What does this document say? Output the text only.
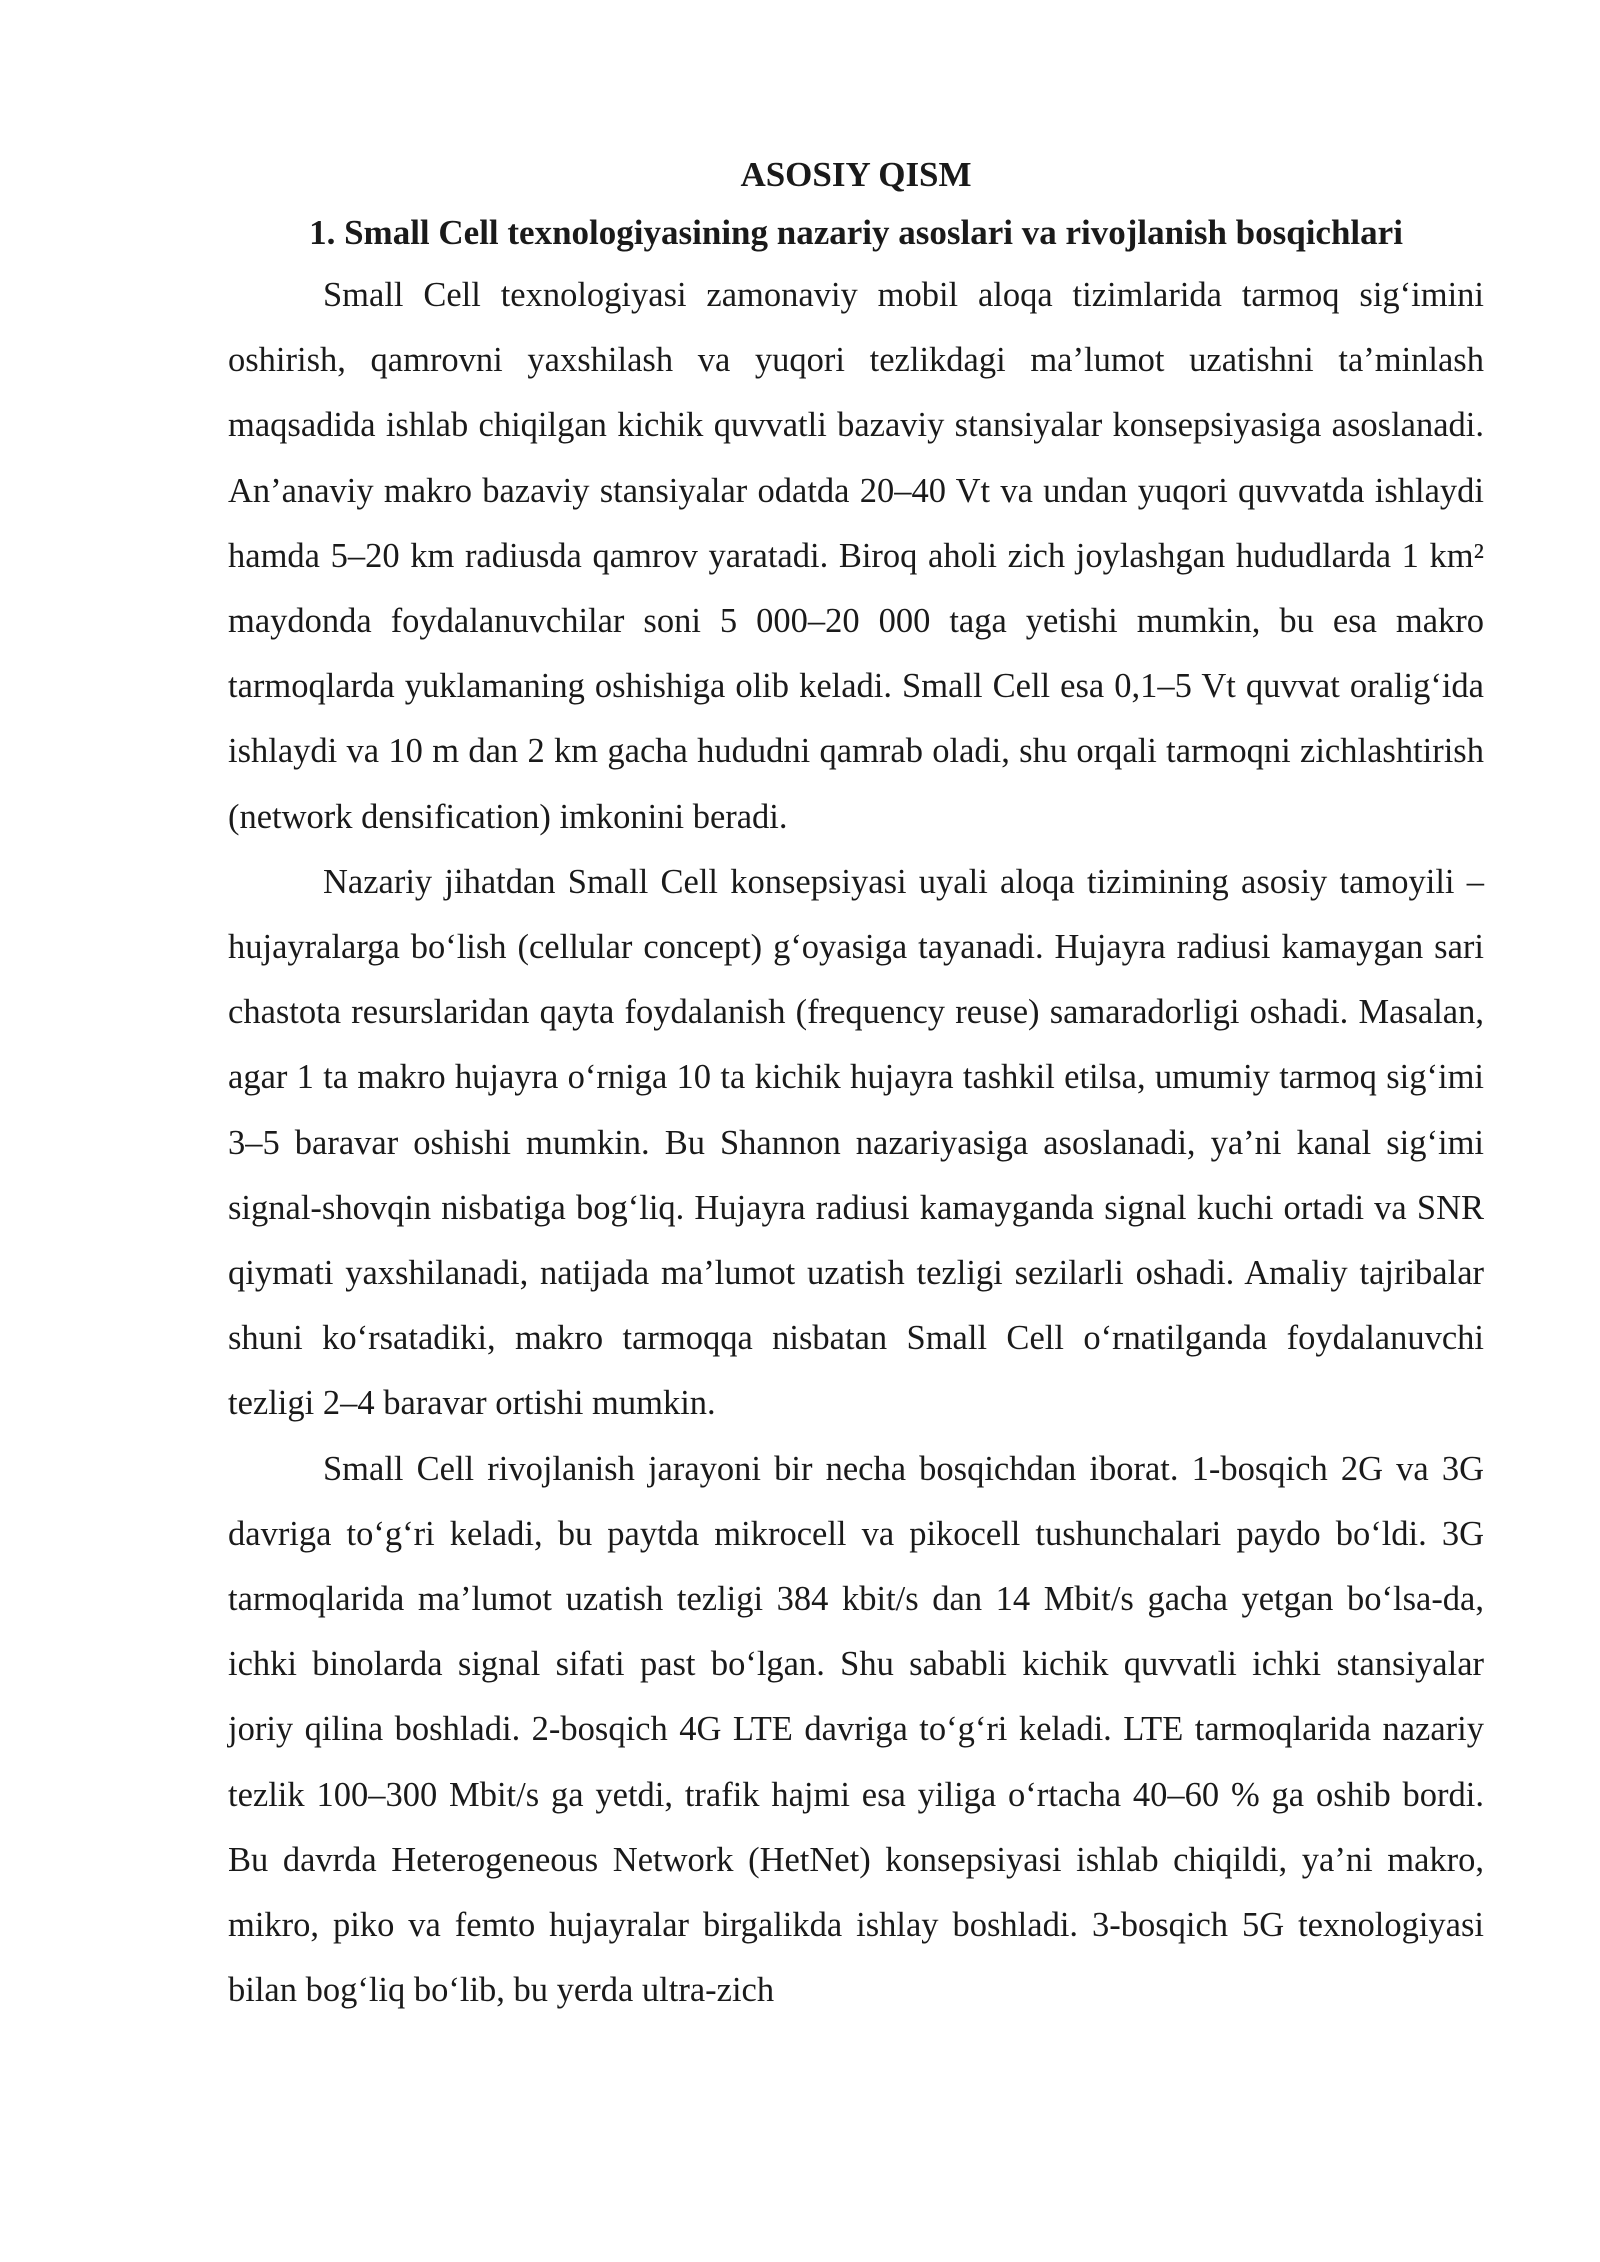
ASOSIY QISM
1. Small Cell texnologiyasining nazariy asoslari va rivojlanish bosqichlari

Small Cell texnologiyasi zamonaviy mobil aloqa tizimlarida tarmoq sig‘imini oshirish, qamrovni yaxshilash va yuqori tezlikdagi ma’lumot uzatishni ta’minlash maqsadida ishlab chiqilgan kichik quvvatli bazaviy stansiyalar konsepsiyasiga asoslanadi. An’anaviy makro bazaviy stansiyalar odatda 20–40 Vt va undan yuqori quvvatda ishlaydi hamda 5–20 km radiusda qamrov yaratadi. Biroq aholi zich joylashgan hududlarda 1 km² maydonda foydalanuvchilar soni 5 000–20 000 taga yetishi mumkin, bu esa makro tarmoqlarda yuklamaning oshishiga olib keladi. Small Cell esa 0,1–5 Vt quvvat oralig‘ida ishlaydi va 10 m dan 2 km gacha hududni qamrab oladi, shu orqali tarmoqni zichlashtirish (network densification) imkonini beradi.

Nazariy jihatdan Small Cell konsepsiyasi uyali aloqa tizimining asosiy tamoyili – hujayralarga bo‘lish (cellular concept) g‘oyasiga tayanadi. Hujayra radiusi kamaygan sari chastota resurslaridan qayta foydalanish (frequency reuse) samaradorligi oshadi. Masalan, agar 1 ta makro hujayra o‘rniga 10 ta kichik hujayra tashkil etilsa, umumiy tarmoq sig‘imi 3–5 baravar oshishi mumkin. Bu Shannon nazariyasiga asoslanadi, ya’ni kanal sig‘imi signal-shovqin nisbatiga bog‘liq. Hujayra radiusi kamayganda signal kuchi ortadi va SNR qiymati yaxshilanadi, natijada ma’lumot uzatish tezligi sezilarli oshadi. Amaliy tajribalar shuni ko‘rsatadiki, makro tarmoqqa nisbatan Small Cell o‘rnatilganda foydalanuvchi tezligi 2–4 baravar ortishi mumkin.

Small Cell rivojlanish jarayoni bir necha bosqichdan iborat. 1-bosqich 2G va 3G davriga to‘g‘ri keladi, bu paytda mikrocell va pikocell tushunchalari paydo bo‘ldi. 3G tarmoqlarida ma’lumot uzatish tezligi 384 kbit/s dan 14 Mbit/s gacha yetgan bo‘lsa-da, ichki binolarda signal sifati past bo‘lgan. Shu sababli kichik quvvatli ichki stansiyalar joriy qilina boshladi. 2-bosqich 4G LTE davriga to‘g‘ri keladi. LTE tarmoqlarida nazariy tezlik 100–300 Mbit/s ga yetdi, trafik hajmi esa yiliga o‘rtacha 40–60 % ga oshib bordi. Bu davrda Heterogeneous Network (HetNet) konsepsiyasi ishlab chiqildi, ya’ni makro, mikro, piko va femto hujayralar birgalikda ishlay boshladi. 3-bosqich 5G texnologiyasi bilan bog‘liq bo‘lib, bu yerda ultra-zich
